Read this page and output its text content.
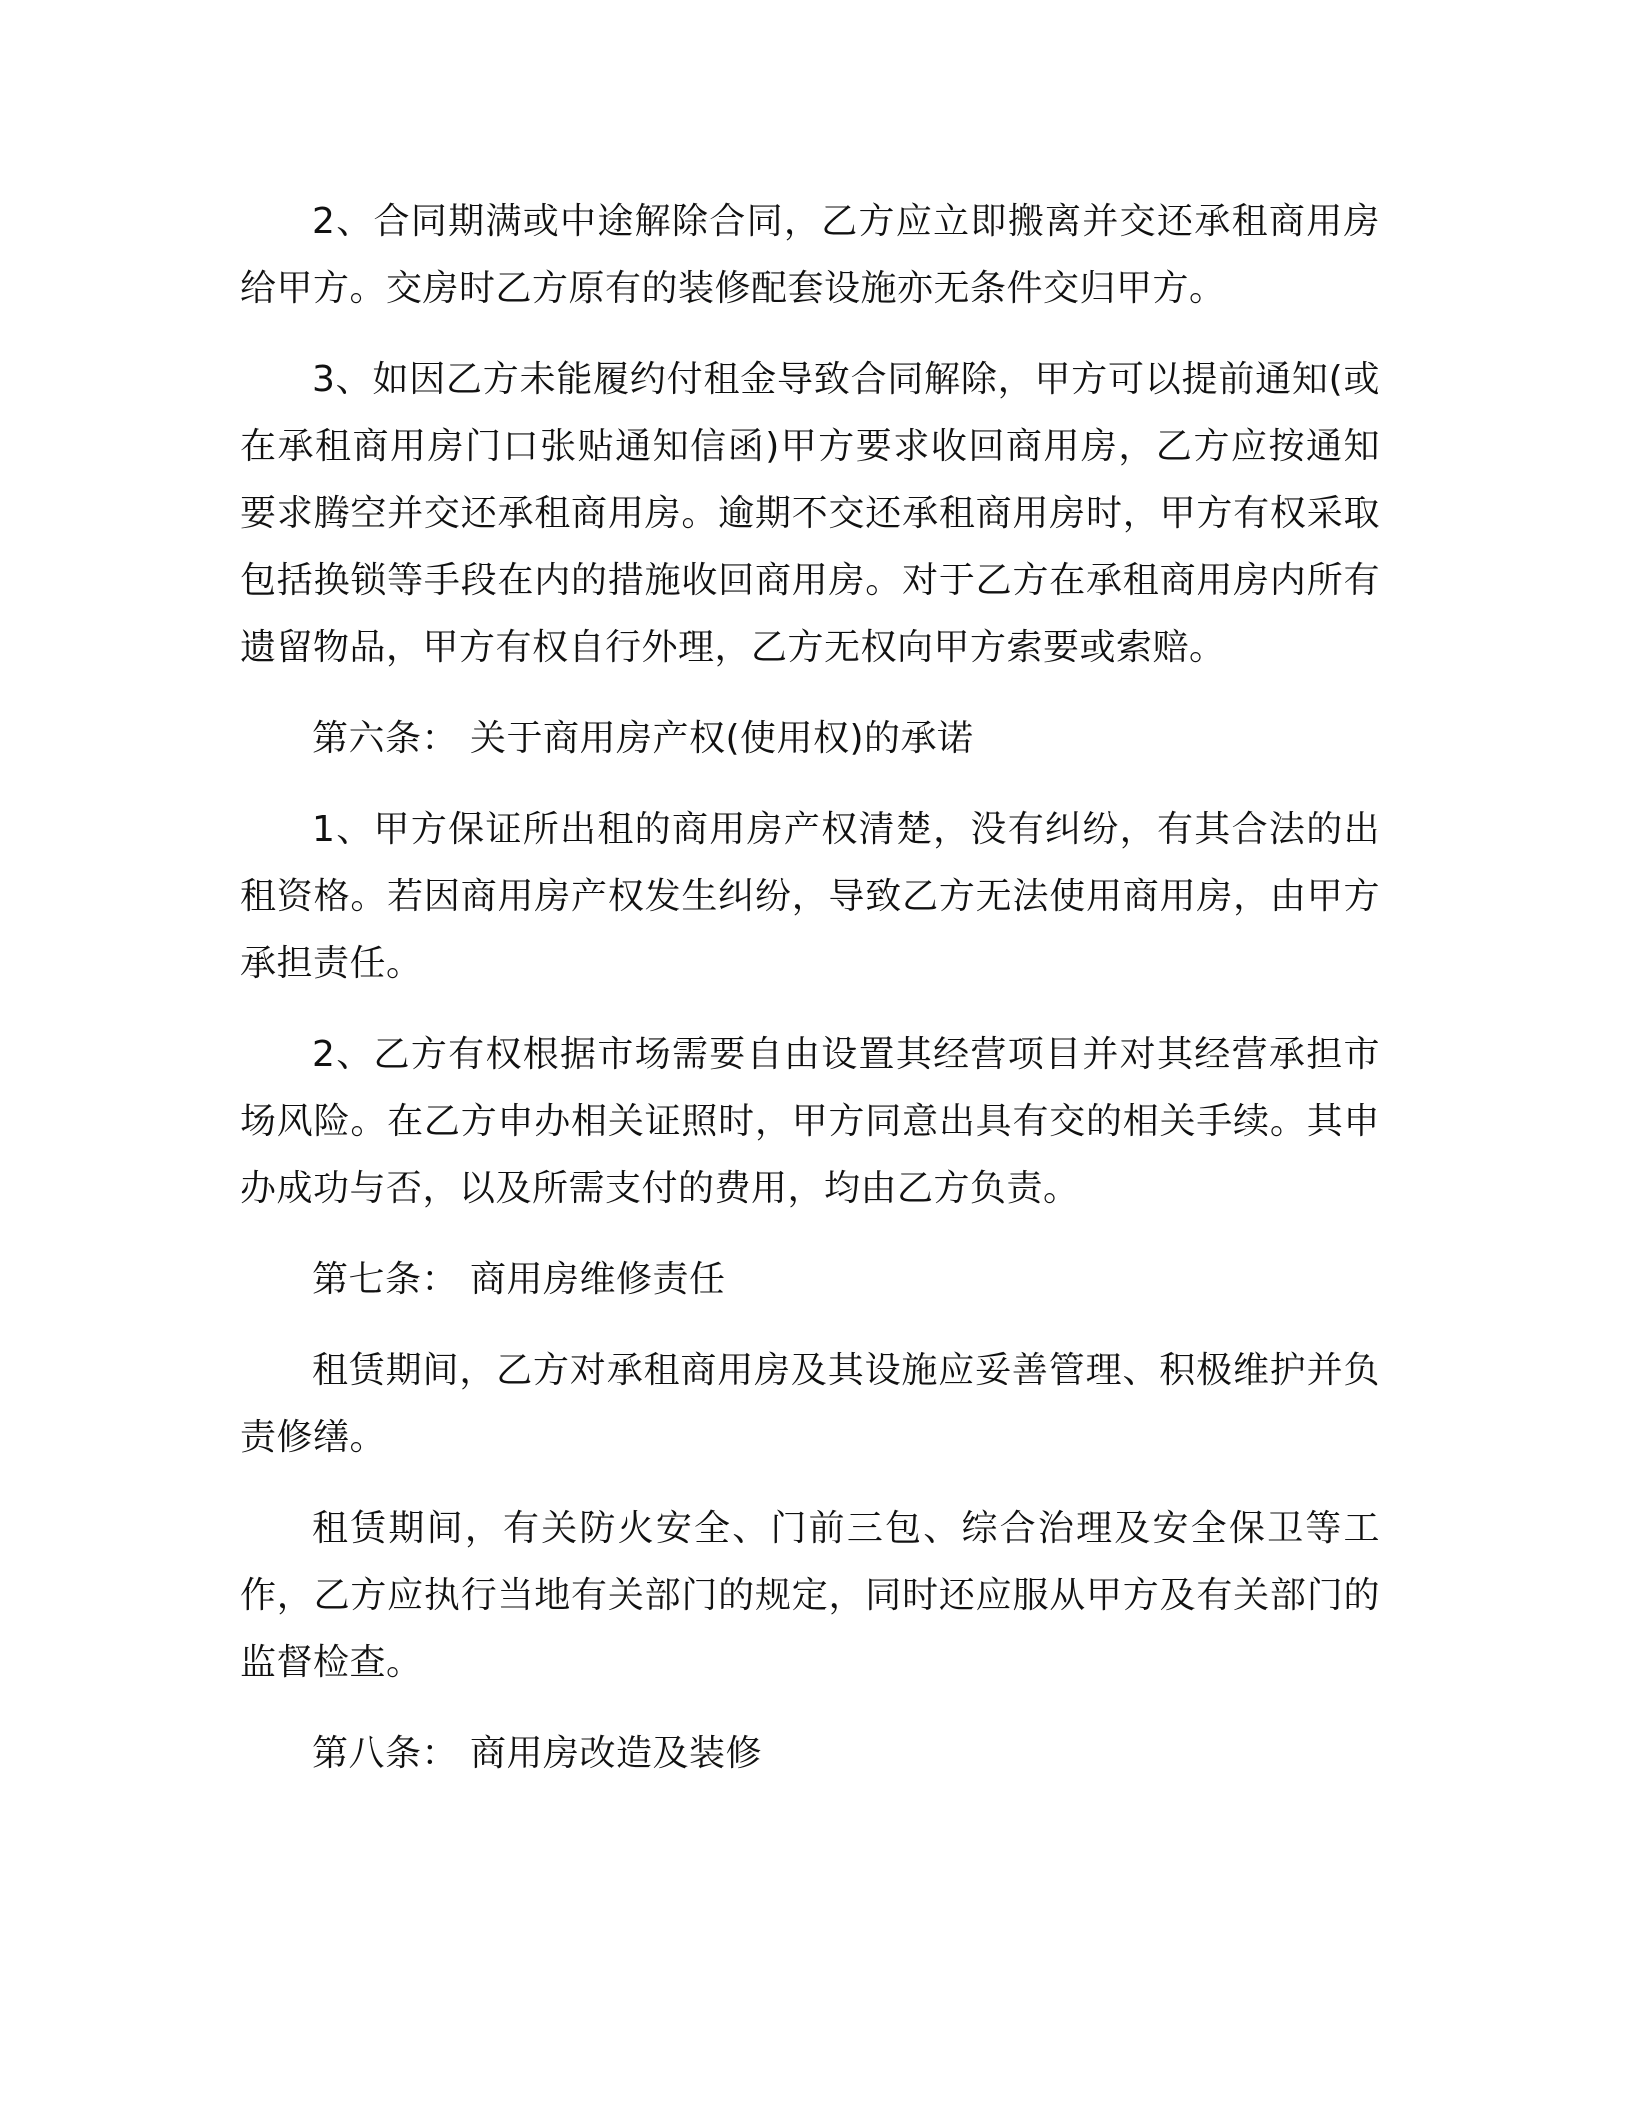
2、合同期满或中途解除合同，乙方应立即搬离并交还承租商用房给甲方。交房时乙方原有的装修配套设施亦无条件交归甲方。

3、如因乙方未能履约付租金导致合同解除，甲方可以提前通知(或在承租商用房门口张贴通知信函)甲方要求收回商用房，乙方应按通知要求腾空并交还承租商用房。逾期不交还承租商用房时，甲方有权采取包括换锁等手段在内的措施收回商用房。对于乙方在承租商用房内所有遗留物品，甲方有权自行外理，乙方无权向甲方索要或索赔。

第六条： 关于商用房产权(使用权)的承诺

1、甲方保证所出租的商用房产权清楚，没有纠纷，有其合法的出租资格。若因商用房产权发生纠纷，导致乙方无法使用商用房，由甲方承担责任。

2、乙方有权根据市场需要自由设置其经营项目并对其经营承担市场风险。在乙方申办相关证照时，甲方同意出具有交的相关手续。其申办成功与否，以及所需支付的费用，均由乙方负责。

第七条： 商用房维修责任

租赁期间，乙方对承租商用房及其设施应妥善管理、积极维护并负责修缮。

租赁期间，有关防火安全、门前三包、综合治理及安全保卫等工作，乙方应执行当地有关部门的规定，同时还应服从甲方及有关部门的监督检查。

第八条： 商用房改造及装修
